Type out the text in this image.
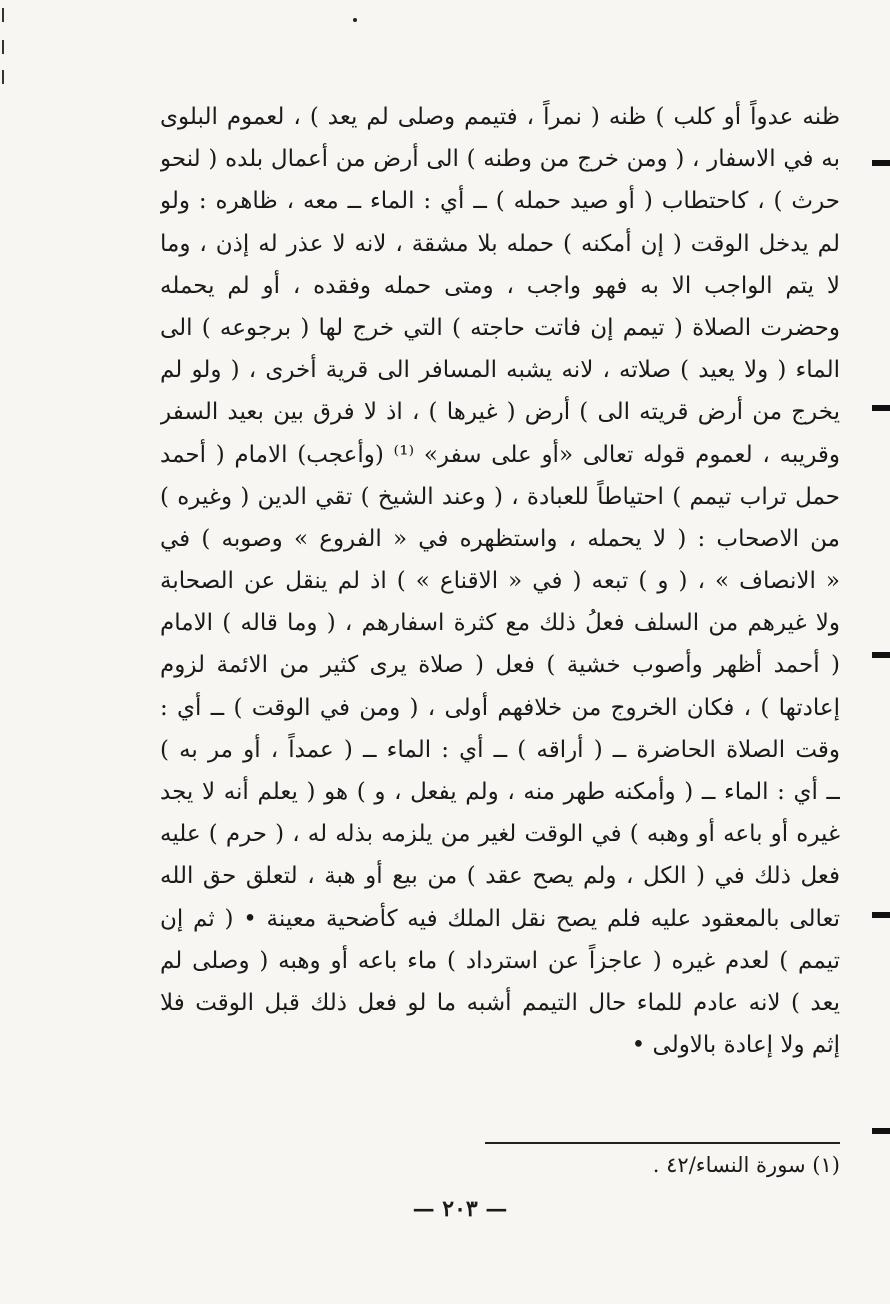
ظنه عدواً أو كلب ) ظنه ( نمراً ، فتيمم وصلى لم يعد ) ، لعموم البلوى
به في الاسفار ، ( ومن خرج من وطنه ) الى أرض من أعمال بلده ( لنحو
حرث ) ، كاحتطاب ( أو صيد حمله ) ــ أي : الماء ــ معه ، ظاهره : ولو
لم يدخل الوقت ( إن أمكنه ) حمله بلا مشقة ، لانه لا عذر له إذن ، وما
لا يتم الواجب الا به فهو واجب ، ومتى حمله وفقده ، أو لم يحمله
وحضرت الصلاة ( تيمم إن فاتت حاجته ) التي خرج لها ( برجوعه ) الى
الماء ( ولا يعيد ) صلاته ، لانه يشبه المسافر الى قرية أخرى ، ( ولو لم
يخرج من أرض قريته الى ) أرض ( غيرها ) ، اذ لا فرق بين بعيد السفر
وقريبه ، لعموم قوله تعالى «أو على سفر» ⁽¹⁾ (وأعجب) الامام ( أحمد
حمل تراب تيمم ) احتياطاً للعبادة ، ( وعند الشيخ ) تقي الدين ( وغيره )
من الاصحاب : ( لا يحمله ، واستظهره في « الفروع » وصوبه ) في
« الانصاف » ، ( و ) تبعه ( في « الاقناع » ) اذ لم ينقل عن الصحابة
ولا غيرهم من السلف فعلُ ذلك مع كثرة اسفارهم ، ( وما قاله ) الامام
( أحمد أظهر وأصوب خشية ) فعل ( صلاة يرى كثير من الائمة لزوم
إعادتها ) ، فكان الخروج من خلافهم أولى ، ( ومن في الوقت ) ــ أي :
وقت الصلاة الحاضرة ــ ( أراقه ) ــ أي : الماء ــ ( عمداً ، أو مر به )
ــ أي : الماء ــ ( وأمكنه طهر منه ، ولم يفعل ، و ) هو ( يعلم أنه لا يجد
غيره أو باعه أو وهبه ) في الوقت لغير من يلزمه بذله له ، ( حرم ) عليه
فعل ذلك في ( الكل ، ولم يصح عقد ) من بيع أو هبة ، لتعلق حق الله
تعالى بالمعقود عليه فلم يصح نقل الملك فيه كأضحية معينة • ( ثم إن
تيمم ) لعدم غيره ( عاجزاً عن استرداد ) ماء باعه أو وهبه ( وصلى لم
يعد ) لانه عادم للماء حال التيمم أشبه ما لو فعل ذلك قبل الوقت فلا
إثم ولا إعادة بالاولى •
(١) سورة النساء/٤٢ .
— ٢٠٣ —
